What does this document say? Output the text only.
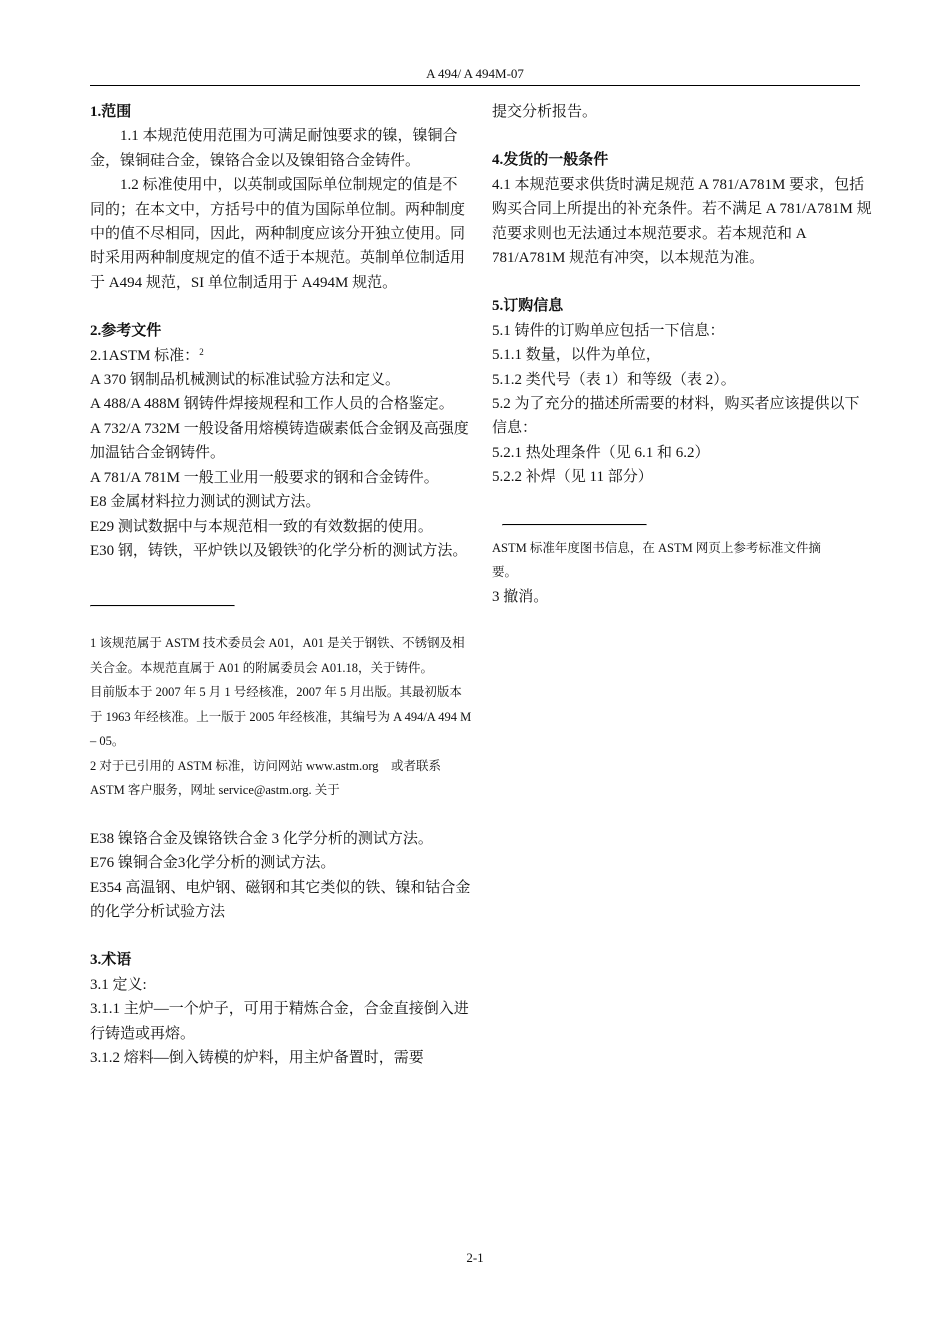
A 494/ A 494M-07

1.范围

1.1 本规范使用范围为可满足耐蚀要求的镍，镍铜合金，镍铜硅合金，镍铬合金以及镍钼铬合金铸件。

1.2 标准使用中，以英制或国际单位制规定的值是不同的；在本文中，方括号中的值为国际单位制。两种制度中的值不尽相同，因此，两种制度应该分开独立使用。同时采用两种制度规定的值不适于本规范。英制单位制适用于 A494 规范，SI 单位制适用于 A494M 规范。

2.参考文件

2.1ASTM 标准：$^2$

A 370 钢制品机械测试的标准试验方法和定义。

A 488/A 488M 钢铸件焊接规程和工作人员的合格鉴定。

A 732/A 732M 一般设备用熔模铸造碳素低合金钢及高强度加温钴合金钢铸件。

A 781/A 781M 一般工业用一般要求的钢和合金铸件。

E8 金属材料拉力测试的测试方法。

E29 测试数据中与本规范相一致的有效数据的使用。

E30 钢，铸铁，平炉铁以及锻铁$^3$的化学分析的测试方法。

1 该规范属于 ASTM 技术委员会 A01，A01 是关于钢铁、不锈钢及相关合金。本规范直属于 A01 的附属委员会 A01.18，关于铸件。

目前版本于 2007 年 5 月 1 号经核准，2007 年 5 月出版。其最初版本于 1963 年经核准。上一版于 2005 年经核准，其编号为 A 494/A 494 M – 05。

2 对于已引用的 ASTM 标准，访问网站 www.astm.org　或者联系 ASTM 客户服务，网址 service@astm.org. 关于

E38 镍铬合金及镍铬铁合金 3 化学分析的测试方法。

E76 镍铜合金3化学分析的测试方法。

E354 高温钢、电炉钢、磁钢和其它类似的铁、镍和钴合金的化学分析试验方法

3.术语

3.1 定义:

3.1.1 主炉—一个炉子，可用于精炼合金，合金直接倒入进行铸造或再熔。

3.1.2 熔料—倒入铸模的炉料，用主炉备置时，需要

提交分析报告。

4.发货的一般条件

4.1 本规范要求供货时满足规范 A 781/A781M 要求，包括购买合同上所提出的补充条件。若不满足 A 781/A781M 规范要求则也无法通过本规范要求。若本规范和 A 781/A781M 规范有冲突，以本规范为准。

5.订购信息

5.1 铸件的订购单应包括一下信息：

5.1.1 数量，以件为单位，

5.1.2 类代号（表 1）和等级（表 2）。

5.2 为了充分的描述所需要的材料，购买者应该提供以下信息：

5.2.1 热处理条件（见 6.1 和 6.2）

5.2.2 补焊（见 11 部分）

ASTM 标准年度图书信息，在 ASTM 网页上参考标准文件摘要。

3 撤消。

2-1
